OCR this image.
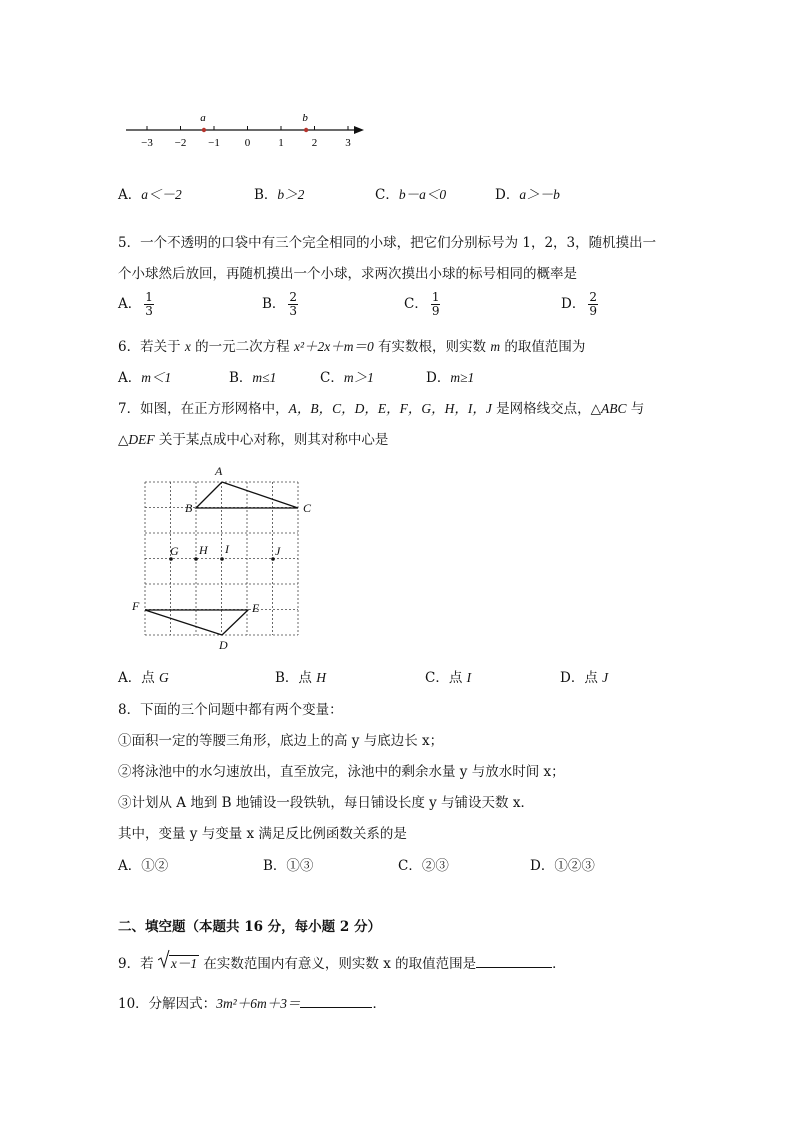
−3 −2 −1 0	1	2	3
a	b
A．a＜－2	B．b＞2	C．b－a＜0	D．a＞－b
5．一个不透明的口袋中有三个完全相同的小球，把它们分别标号为 1，2，3，随机摸出一
个小球然后放回，再随机摸出一个小球，求两次摸出小球的标号相同的概率是
A． $\frac{1}{3}$	B． $\frac{2}{3}$	C． $\frac{1}{9}$	D． $\frac{2}{9}$
6．若关于 x 的一元二次方程 x²＋2x＋m＝0 有实数根，则实数 m 的取值范围为
A．m＜1	B．m≤1	C．m＞1	D．m≥1
7．如图，在正方形网格中，A，B，C，D，E，F，G，H，I，J 是网格线交点，△ABC 与
△DEF 关于某点成中心对称，则其对称中心是
A
B	C
G H I	J
F	E
D
A．点 G	B．点 H	C．点 I	D．点 J
8．下面的三个问题中都有两个变量：
①面积一定的等腰三角形，底边上的高 y 与底边长 x；
②将泳池中的水匀速放出，直至放完，泳池中的剩余水量 y 与放水时间 x；
③计划从 A 地到 B 地铺设一段铁轨，每日铺设长度 y 与铺设天数 x．
其中，变量 y 与变量 x 满足反比例函数关系的是
A．①②	B．①③	C．②③	D．①②③
二、填空题（本题共 16 分，每小题 2 分）
9．若
x－1 在实数范围内有意义，则实数 x 的取值范围是	．
10．分解因式：3m²＋6m＋3＝	．
